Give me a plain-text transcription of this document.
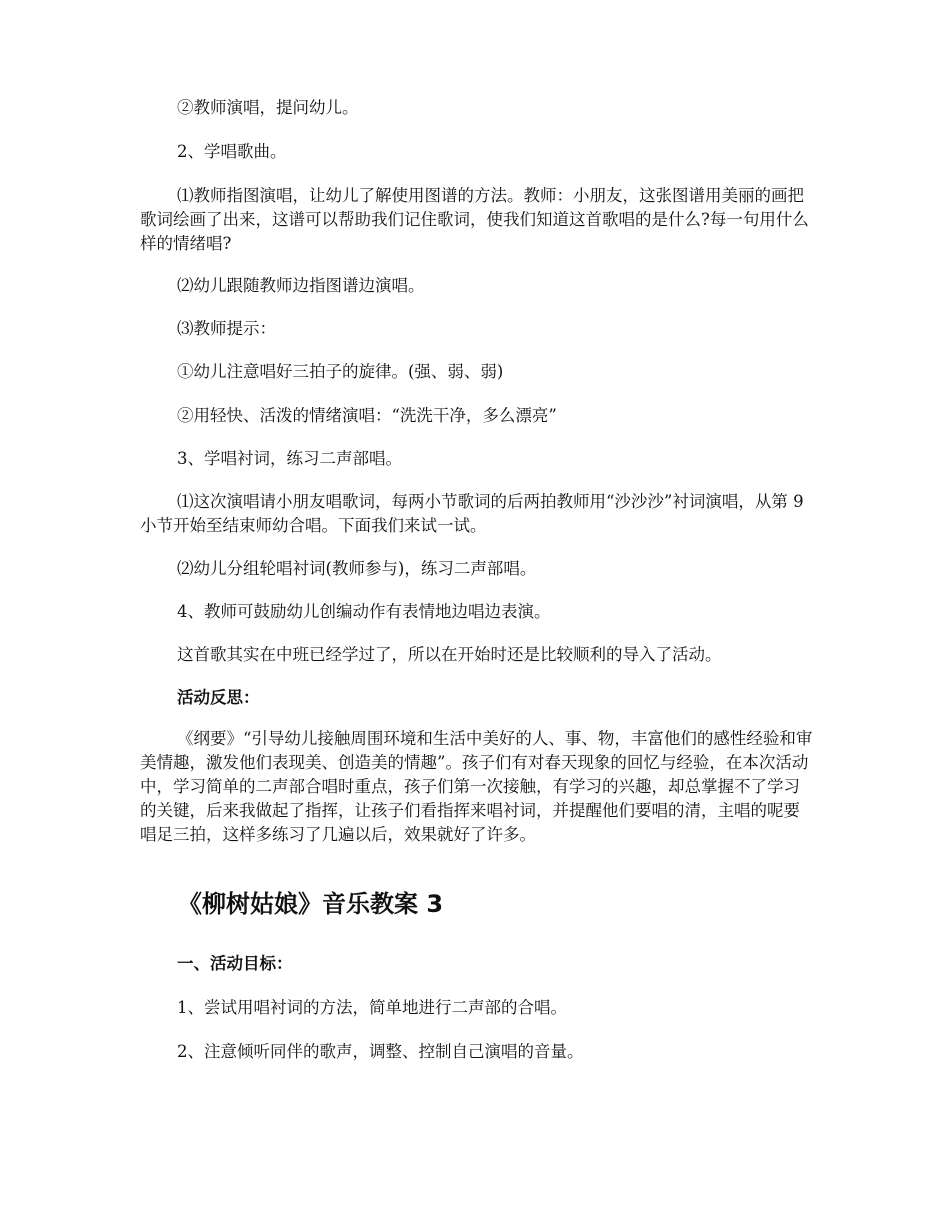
②教师演唱，提问幼儿。

2、学唱歌曲。

⑴教师指图演唱，让幼儿了解使用图谱的方法。教师：小朋友，这张图谱用美丽的画把歌词绘画了出来，这谱可以帮助我们记住歌词，使我们知道这首歌唱的是什么?每一句用什么样的情绪唱?

⑵幼儿跟随教师边指图谱边演唱。

⑶教师提示：

①幼儿注意唱好三拍子的旋律。(强、弱、弱)

②用轻快、活泼的情绪演唱：“洗洗干净，多么漂亮”

3、学唱衬词，练习二声部唱。

⑴这次演唱请小朋友唱歌词，每两小节歌词的后两拍教师用“沙沙沙”衬词演唱，从第 9 小节开始至结束师幼合唱。下面我们来试一试。

⑵幼儿分组轮唱衬词(教师参与)，练习二声部唱。

4、教师可鼓励幼儿创编动作有表情地边唱边表演。

这首歌其实在中班已经学过了，所以在开始时还是比较顺利的导入了活动。

活动反思：

《纲要》“引导幼儿接触周围环境和生活中美好的人、事、物，丰富他们的感性经验和审美情趣，激发他们表现美、创造美的情趣”。孩子们有对春天现象的回忆与经验，在本次活动中，学习简单的二声部合唱时重点，孩子们第一次接触，有学习的兴趣，却总掌握不了学习的关键，后来我做起了指挥，让孩子们看指挥来唱衬词，并提醒他们要唱的清，主唱的呢要唱足三拍，这样多练习了几遍以后，效果就好了许多。

《柳树姑娘》音乐教案 3

一、活动目标：

1、尝试用唱衬词的方法，简单地进行二声部的合唱。

2、注意倾听同伴的歌声，调整、控制自己演唱的音量。
